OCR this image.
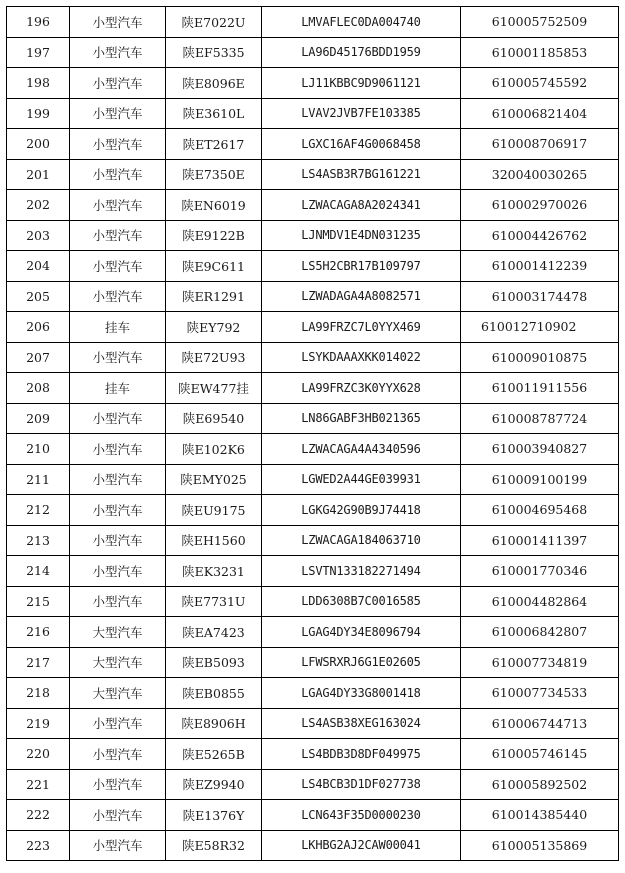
196	小型汽车	陕E7022U	LMVAFLEC0DA004740	610005752509
197	小型汽车	陕EF5335	LA96D45176BDD1959	610001185853
198	小型汽车	陕E8096E	LJ11KBBC9D9061121	610005745592
199	小型汽车	陕E3610L	LVAV2JVB7FE103385	610006821404
200	小型汽车	陕ET2617	LGXC16AF4G0068458	610008706917
201	小型汽车	陕E7350E	LS4ASB3R7BG161221	320040030265
202	小型汽车	陕EN6019	LZWACAGA8A2024341	610002970026
203	小型汽车	陕E9122B	LJNMDV1E4DN031235	610004426762
204	小型汽车	陕E9C611	LS5H2CBR17B109797	610001412239
205	小型汽车	陕ER1291	LZWADAGA4A8082571	610003174478
206	挂车	陕EY792	LA99FRZC7L0YYX469	610012710902
207	小型汽车	陕E72U93	LSYKDAAAXKK014022	610009010875
208	挂车	陕EW477挂	LA99FRZC3K0YYX628	610011911556
209	小型汽车	陕E69540	LN86GABF3HB021365	610008787724
210	小型汽车	陕E102K6	LZWACAGA4A4340596	610003940827
211	小型汽车	陕EMY025	LGWED2A44GE039931	610009100199
212	小型汽车	陕EU9175	LGKG42G90B9J74418	610004695468
213	小型汽车	陕EH1560	LZWACAGA184063710	610001411397
214	小型汽车	陕EK3231	LSVTN133182271494	610001770346
215	小型汽车	陕E7731U	LDD6308B7C0016585	610004482864
216	大型汽车	陕EA7423	LGAG4DY34E8096794	610006842807
217	大型汽车	陕EB5093	LFWSRXRJ6G1E02605	610007734819
218	大型汽车	陕EB0855	LGAG4DY33G8001418	610007734533
219	小型汽车	陕E8906H	LS4ASB38XEG163024	610006744713
220	小型汽车	陕E5265B	LS4BDB3D8DF049975	610005746145
221	小型汽车	陕EZ9940	LS4BCB3D1DF027738	610005892502
222	小型汽车	陕E1376Y	LCN643F35D0000230	610014385440
223	小型汽车	陕E58R32	LKHBG2AJ2CAW00041	610005135869
